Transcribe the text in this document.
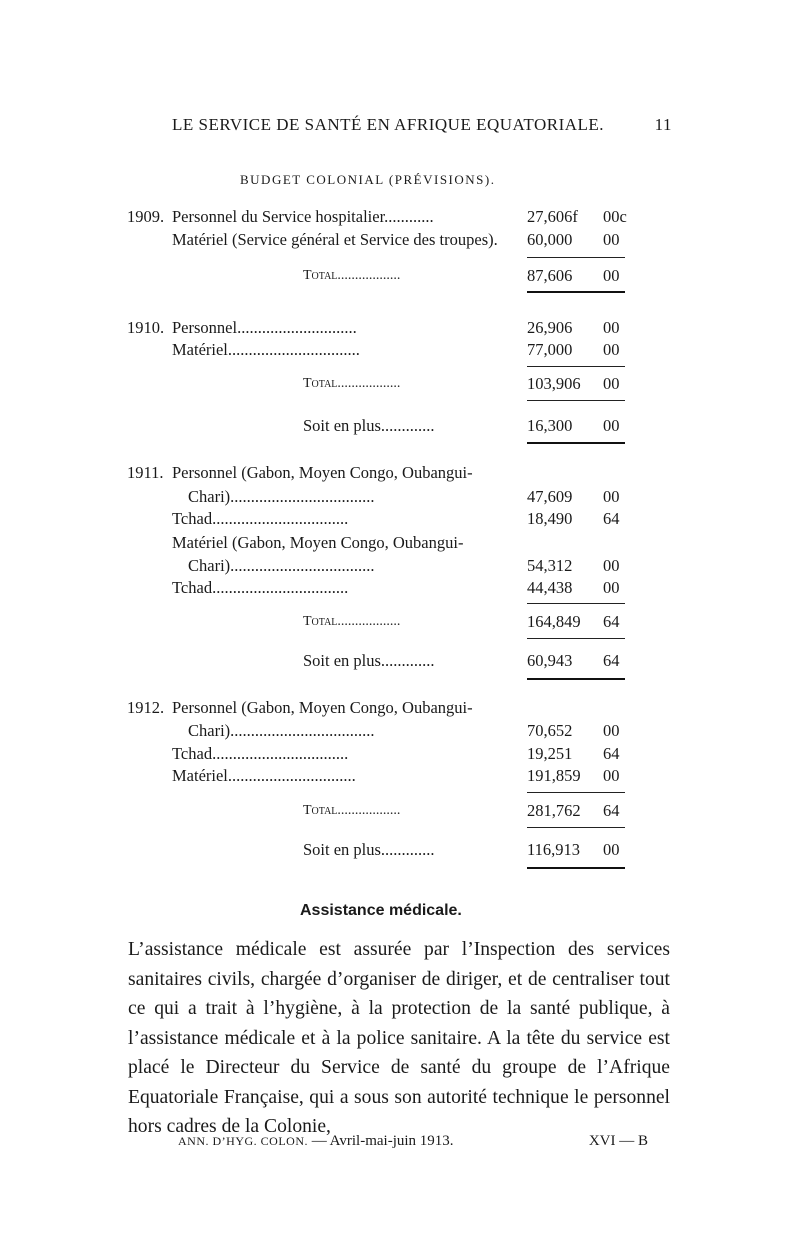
LE SERVICE DE SANTÉ EN AFRIQUE EQUATORIALE.	11
BUDGET COLONIAL (PRÉVISIONS).
1909. Personnel du Service hospitalier............	27,606f 00c
Matériel (Service général et Service des troupes).	60,000 00
Total..................	87,606 00
1910. Personnel.............................	26,906 00
Matériel................................	77,000 00
Total..................	103,906 00
Soit en plus.............	16,300 00
1911. Personnel (Gabon, Moyen Congo, Oubangui-
Chari)...................................	47,609 00
Tchad.................................	18,490 64
Matériel (Gabon, Moyen Congo, Oubangui-
Chari)...................................	54,312 00
Tchad.................................	44,438 00
Total..................	164,849 64
Soit en plus.............	60,943 64
1912. Personnel (Gabon, Moyen Congo, Oubangui-
Chari)...................................	70,652 00
Tchad.................................	19,251 64
Matériel...............................	191,859 00
Total..................	281,762 64
Soit en plus.............	116,913 00
Assistance médicale.
L’assistance médicale est assurée par l’Inspection des services sanitaires civils, chargée d’organiser de diriger, et de centraliser tout ce qui a trait à l’hygiène, à la protection de la santé publique, à l’assistance médicale et à la police sanitaire. A la tête du service est placé le Directeur du Service de santé du groupe de l’Afrique Equatoriale Française, qui a sous son autorité technique le personnel hors cadres de la Colonie,
ANN. D’HYG. COLON. — Avril-mai-juin 1913.	XVI — B
